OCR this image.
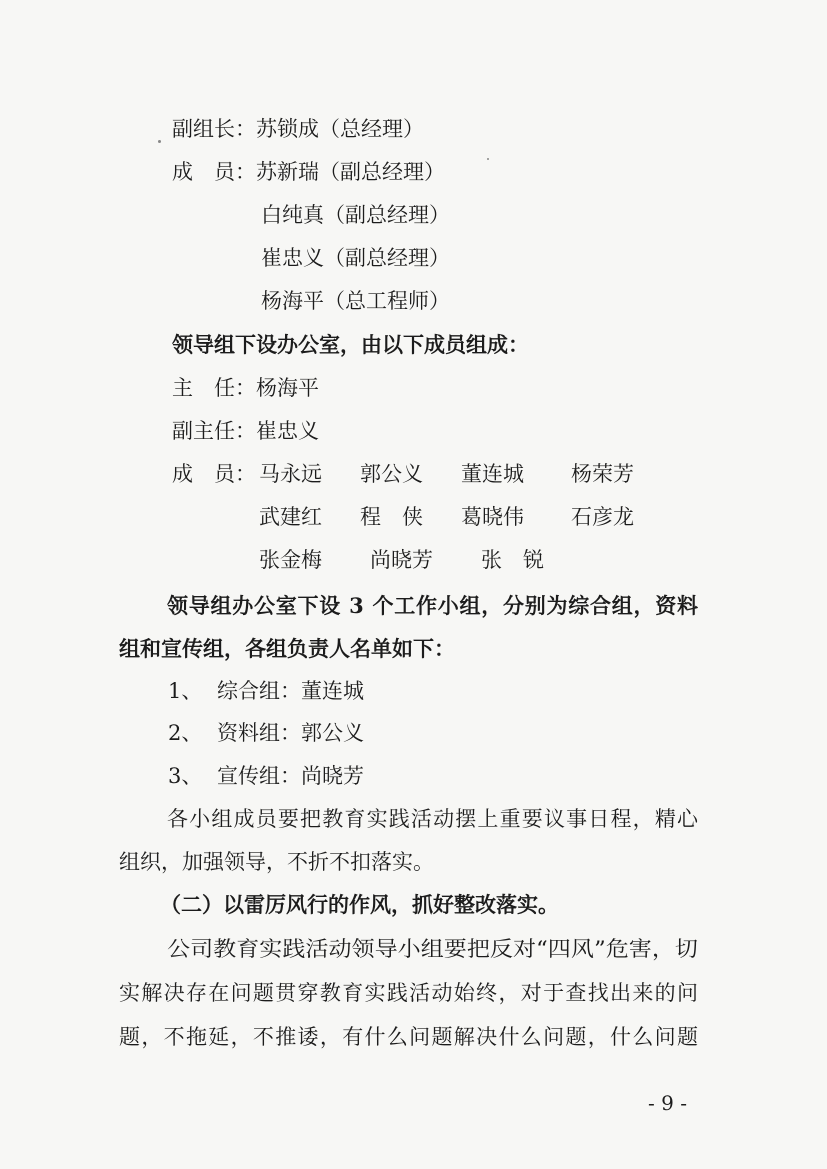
副组长：苏锁成（总经理）
成　员：苏新瑞（副总经理）
白纯真（副总经理）
崔忠义（副总经理）
杨海平（总工程师）
领导组下设办公室，由以下成员组成：
主　任：杨海平
副主任：崔忠义
成　员： 马永远 郭公义 董连城 杨荣芳
武建红 程　侠 葛晓伟 石彦龙
张金梅 尚晓芳 张　锐
领导组办公室下设 3 个工作小组，分别为综合组，资料
组和宣传组，各组负责人名单如下：
1、 综合组：董连城
2、 资料组：郭公义
3、 宣传组：尚晓芳
各小组成员要把教育实践活动摆上重要议事日程，精心
组织，加强领导，不折不扣落实。
（二）以雷厉风行的作风，抓好整改落实。
公司教育实践活动领导小组要把反对“四风”危害，切
实解决存在问题贯穿教育实践活动始终，对于查找出来的问
题，不拖延，不推诿，有什么问题解决什么问题，什么问题
- 9 -
